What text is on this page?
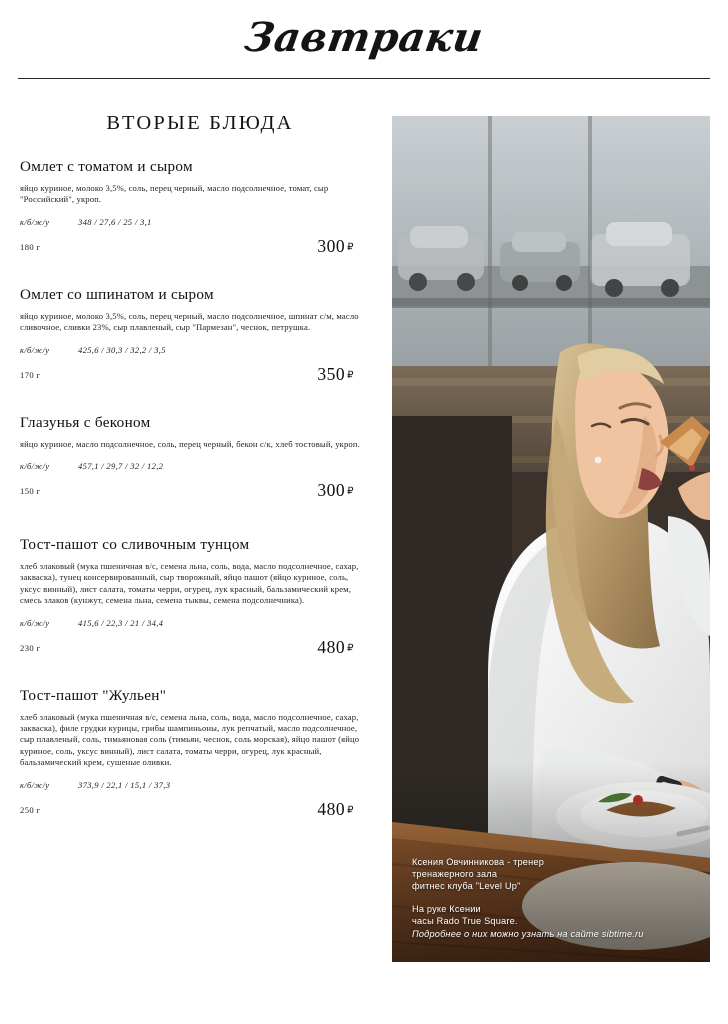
Завтраки
ВТОРЫЕ БЛЮДА
Омлет с томатом и сыром
яйцо куриное, молоко 3,5%, соль, перец черный, масло подсолнечное, томат, сыр "Российский", укроп.
к/б/ж/у	348 / 27,6 / 25 / 3,1
180 г	300 ₽
Омлет со шпинатом и сыром
яйцо куриное, молоко 3,5%, соль, перец черный, масло подсолнечное, шпинат с/м, масло сливочное, сливки 23%, сыр плавленый, сыр "Пармезан", чеснок, петрушка.
к/б/ж/у	425,6 / 30,3 / 32,2 / 3,5
170 г	350 ₽
Глазунья с беконом
яйцо куриное, масло подсолнечное, соль, перец черный, бекон с/к, хлеб тостовый, укроп.
к/б/ж/у	457,1 / 29,7 / 32 / 12,2
150 г	300 ₽
Тост-пашот со сливочным тунцом
хлеб злаковый (мука пшеничная в/с, семена льна, соль, вода, масло подсолнечное, сахар, закваска), тунец консервированный, сыр творожный, яйцо пашот (яйцо куриное, соль, уксус винный), лист салата, томаты черри, огурец, лук красный, бальзамический крем, смесь злаков (кунжут, семена льна, семена тыквы, семена подсолнечника).
к/б/ж/у	415,6 / 22,3 / 21 / 34,4
230 г	480 ₽
Тост-пашот "Жульен"
хлеб злаковый (мука пшеничная в/с, семена льна, соль, вода, масло подсолнечное, сахар, закваска), филе грудки курицы, грибы шампиньоны, лук репчатый, масло подсолнечное, сыр плавленый, соль, тимьяновая соль (тимьян, чеснок, соль морская), яйцо пашот (яйцо куриное, соль, уксус винный), лист салата, томаты черри, огурец, лук красный, бальзамический крем, сушеные оливки.
к/б/ж/у	373,9 / 22,1 / 15,1 / 37,3
250 г	480 ₽
Ксения Овчинникова - тренер
тренажерного зала
фитнес клуба "Level Up"
На руке Ксении
часы Rado True Square.
Подробнее о них можно узнать на сайте sibtime.ru
